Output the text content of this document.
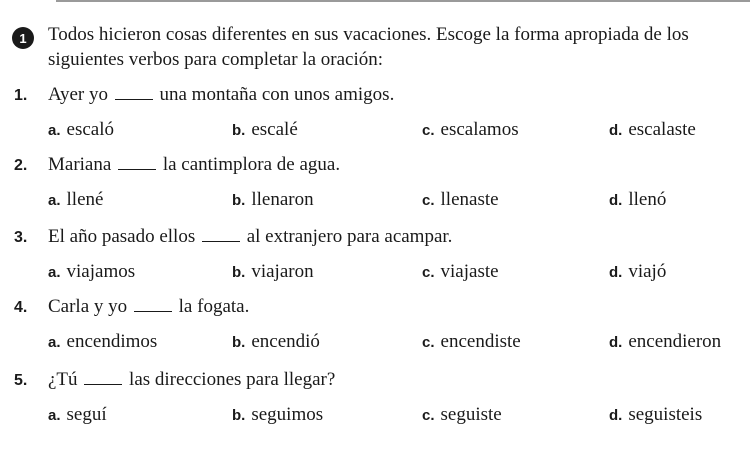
1	Todos hicieron cosas diferentes en sus vacaciones. Escoge la forma apropiada de los siguientes verbos para completar la oración:
1. Ayer yo	una montaña con unos amigos.
a. escaló	b. escalé	c. escalamos	d. escalaste
2. Mariana	la cantimplora de agua.
a. llené	b. llenaron	c. llenaste	d. llenó
3. El año pasado ellos	al extranjero para acampar.
a. viajamos	b. viajaron	c. viajaste	d. viajó
4. Carla y yo	la fogata.
a. encendimos	b. encendió	c. encendiste	d. encendieron
5. ¿Tú	las direcciones para llegar?
a. seguí	b. seguimos	c. seguiste	d. seguisteis
